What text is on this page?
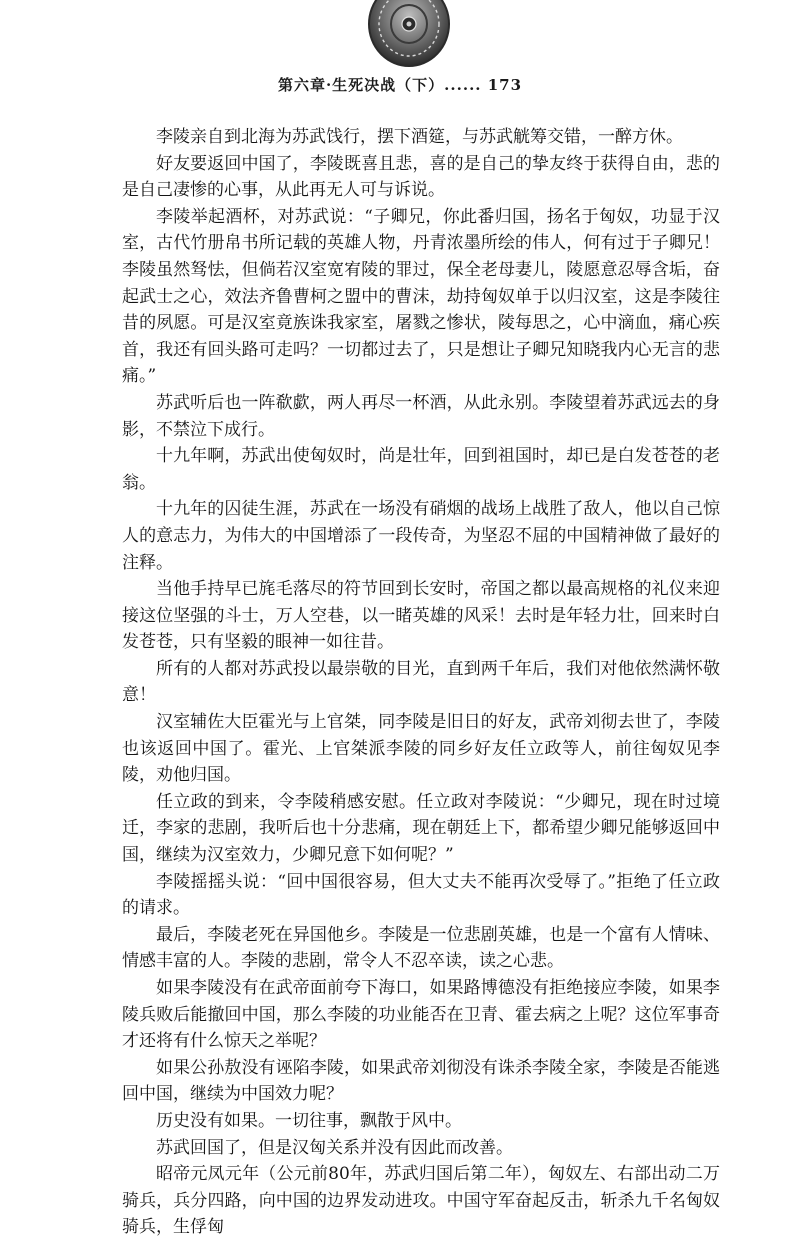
第六章·生死决战（下）...... 173

李陵亲自到北海为苏武饯行，摆下酒筵，与苏武觥筹交错，一醉方休。

好友要返回中国了，李陵既喜且悲，喜的是自己的挚友终于获得自由，悲的是自己凄惨的心事，从此再无人可与诉说。

李陵举起酒杯，对苏武说：“子卿兄，你此番归国，扬名于匈奴，功显于汉室，古代竹册帛书所记载的英雄人物，丹青浓墨所绘的伟人，何有过于子卿兄！李陵虽然驽怯，但倘若汉室宽宥陵的罪过，保全老母妻儿，陵愿意忍辱含垢，奋起武士之心，效法齐鲁曹柯之盟中的曹沫，劫持匈奴单于以归汉室，这是李陵往昔的夙愿。可是汉室竟族诛我家室，屠戮之惨状，陵每思之，心中滴血，痛心疾首，我还有回头路可走吗？一切都过去了，只是想让子卿兄知晓我内心无言的悲痛。”

苏武听后也一阵欷歔，两人再尽一杯酒，从此永别。李陵望着苏武远去的身影，不禁泣下成行。

十九年啊，苏武出使匈奴时，尚是壮年，回到祖国时，却已是白发苍苍的老翁。

十九年的囚徒生涯，苏武在一场没有硝烟的战场上战胜了敌人，他以自己惊人的意志力，为伟大的中国增添了一段传奇，为坚忍不屈的中国精神做了最好的注释。

当他手持早已旄毛落尽的符节回到长安时，帝国之都以最高规格的礼仪来迎接这位坚强的斗士，万人空巷，以一睹英雄的风采！去时是年轻力壮，回来时白发苍苍，只有坚毅的眼神一如往昔。

所有的人都对苏武投以最崇敬的目光，直到两千年后，我们对他依然满怀敬意！

汉室辅佐大臣霍光与上官桀，同李陵是旧日的好友，武帝刘彻去世了，李陵也该返回中国了。霍光、上官桀派李陵的同乡好友任立政等人，前往匈奴见李陵，劝他归国。

任立政的到来，令李陵稍感安慰。任立政对李陵说：“少卿兄，现在时过境迁，李家的悲剧，我听后也十分悲痛，现在朝廷上下，都希望少卿兄能够返回中国，继续为汉室效力，少卿兄意下如何呢？”

李陵摇摇头说：“回中国很容易，但大丈夫不能再次受辱了。”拒绝了任立政的请求。

最后，李陵老死在异国他乡。李陵是一位悲剧英雄，也是一个富有人情味、情感丰富的人。李陵的悲剧，常令人不忍卒读，读之心悲。

如果李陵没有在武帝面前夸下海口，如果路博德没有拒绝接应李陵，如果李陵兵败后能撤回中国，那么李陵的功业能否在卫青、霍去病之上呢？这位军事奇才还将有什么惊天之举呢？

如果公孙敖没有诬陷李陵，如果武帝刘彻没有诛杀李陵全家，李陵是否能逃回中国，继续为中国效力呢？

历史没有如果。一切往事，飘散于风中。

苏武回国了，但是汉匈关系并没有因此而改善。

昭帝元凤元年（公元前80年，苏武归国后第二年），匈奴左、右部出动二万骑兵，兵分四路，向中国的边界发动进攻。中国守军奋起反击，斩杀九千名匈奴骑兵，生俘匈
